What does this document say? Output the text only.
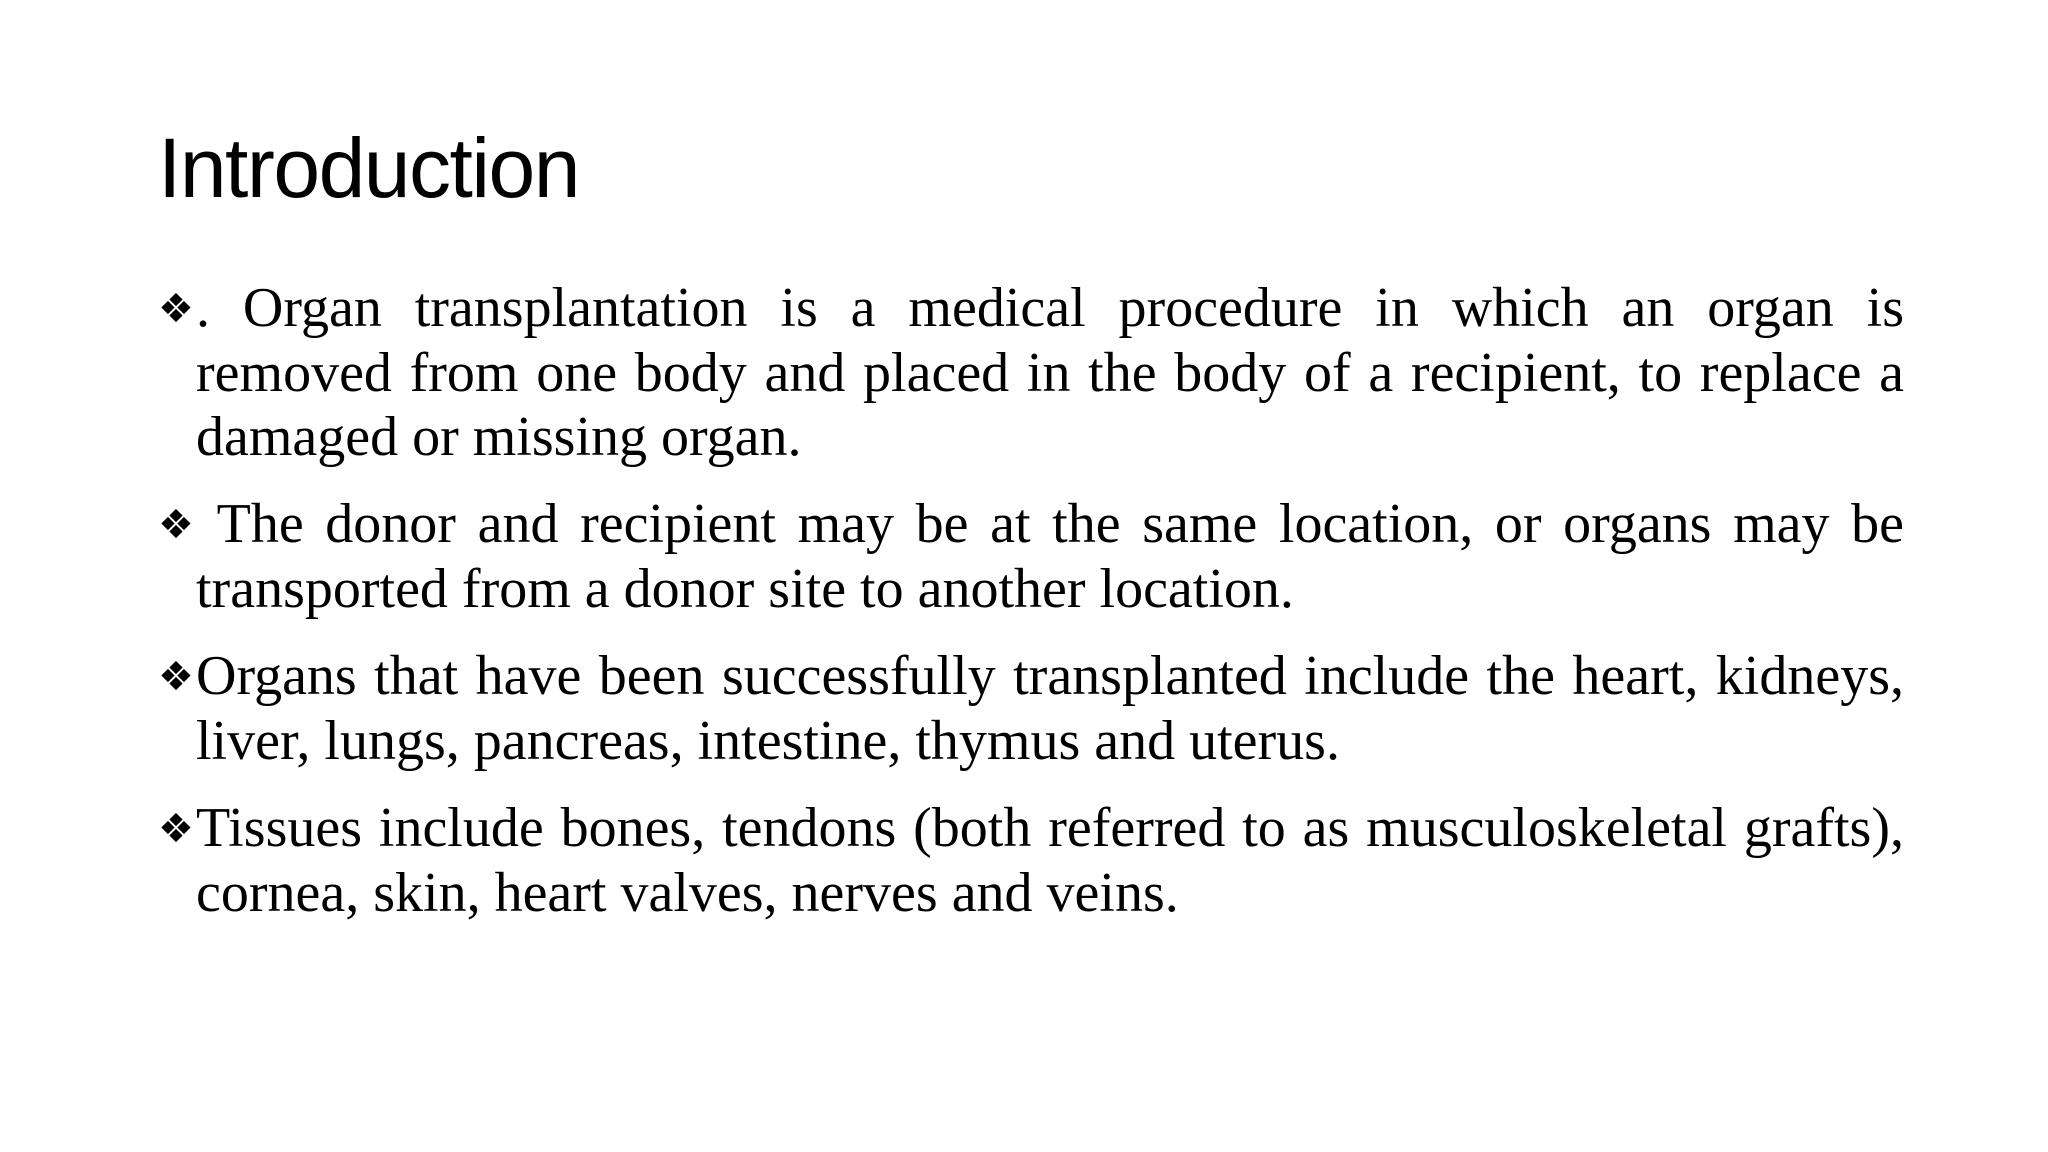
Introduction
❖. Organ transplantation is a medical procedure in which an organ is removed from one body and placed in the body of a recipient, to replace a damaged or missing organ.
❖ The donor and recipient may be at the same location, or organs may be transported from a donor site to another location.
❖Organs that have been successfully transplanted include the heart, kidneys, liver, lungs, pancreas, intestine, thymus and uterus.
❖Tissues include bones, tendons (both referred to as musculoskeletal grafts), cornea, skin, heart valves, nerves and veins.
